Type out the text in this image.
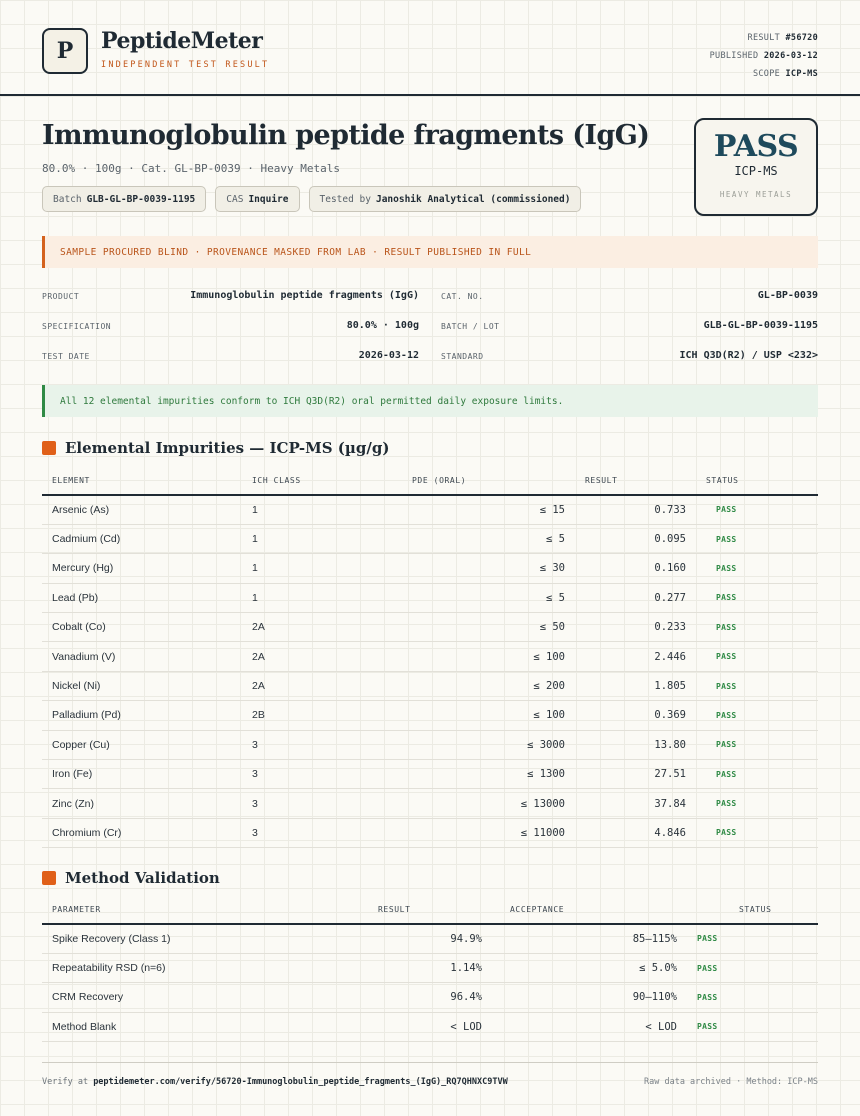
P	PeptideMeter
INDEPENDENT TEST RESULT
RESULT #56720
PUBLISHED 2026-03-12
SCOPE ICP-MS
Immunoglobulin peptide fragments (IgG)
80.0% · 100g · Cat. GL-BP-0039 · Heavy Metals
Batch GLB-GL-BP-0039-1195	CAS Inquire	Tested by Janoshik Analytical (commissioned)
PASS
ICP-MS
HEAVY METALS
SAMPLE PROCURED BLIND · PROVENANCE MASKED FROM LAB · RESULT PUBLISHED IN FULL
PRODUCT	Immunoglobulin peptide fragments (IgG)
SPECIFICATION	80.0% · 100g
TEST DATE	2026-03-12
CAT. NO.	GL-BP-0039
BATCH / LOT	GLB-GL-BP-0039-1195
STANDARD	ICH Q3D(R2) / USP <232>
All 12 elemental impurities conform to ICH Q3D(R2) oral permitted daily exposure limits.
Elemental Impurities — ICP-MS (µg/g)
ELEMENT	ICH CLASS	PDE (ORAL)	RESULT	STATUS
Arsenic (As)	1	≤ 15	0.733	PASS
Cadmium (Cd)	1	≤ 5	0.095	PASS
Mercury (Hg)	1	≤ 30	0.160	PASS
Lead (Pb)	1	≤ 5	0.277	PASS
Cobalt (Co)	2A	≤ 50	0.233	PASS
Vanadium (V)	2A	≤ 100	2.446	PASS
Nickel (Ni)	2A	≤ 200	1.805	PASS
Palladium (Pd)	2B	≤ 100	0.369	PASS
Copper (Cu)	3	≤ 3000	13.80	PASS
Iron (Fe)	3	≤ 1300	27.51	PASS
Zinc (Zn)	3	≤ 13000	37.84	PASS
Chromium (Cr)	3	≤ 11000	4.846	PASS
Method Validation
PARAMETER	RESULT	ACCEPTANCE	STATUS
Spike Recovery (Class 1)	94.9%	85–115%	PASS
Repeatability RSD (n=6)	1.14%	≤ 5.0%	PASS
CRM Recovery	96.4%	90–110%	PASS
Method Blank	< LOD	< LOD	PASS
Verify at peptidemeter.com/verify/56720-Immunoglobulin_peptide_fragments_(IgG)_RQ7QHNXC9TVW	Raw data archived · Method: ICP-MS
